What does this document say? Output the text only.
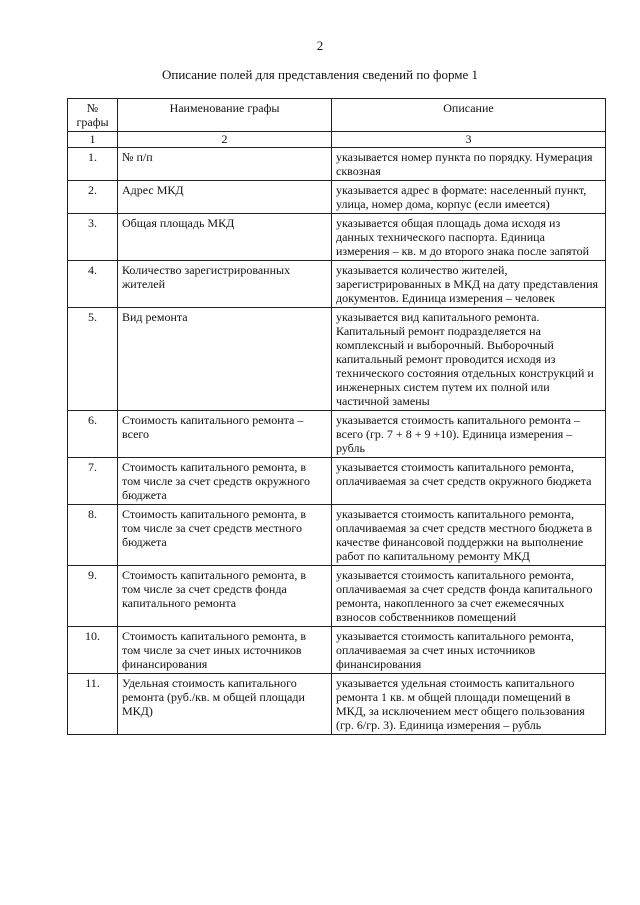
2
Описание полей для представления сведений по форме 1
№ графы	Наименование графы	Описание
1	2	3
1.	№ п/п	указывается номер пункта по порядку. Нумерация сквозная
2.	Адрес МКД	указывается адрес в формате: населенный пункт, улица, номер дома, корпус (если имеется)
3.	Общая площадь МКД	указывается общая площадь дома исходя из данных технического паспорта. Единица измерения – кв. м до второго знака после запятой
4.	Количество зарегистрированных жителей	указывается количество жителей, зарегистрированных в МКД на дату представления документов. Единица измерения – человек
5.	Вид ремонта	указывается вид капитального ремонта. Капитальный ремонт подразделяется на комплексный и выборочный. Выборочный капитальный ремонт проводится исходя из технического состояния отдельных конструкций и инженерных систем путем их полной или частичной замены
6.	Стоимость капитального ремонта – всего	указывается стоимость капитального ремонта – всего (гр. 7 + 8 + 9 +10). Единица измерения – рубль
7.	Стоимость капитального ремонта, в том числе за счет средств окружного бюджета	указывается стоимость капитального ремонта, оплачиваемая за счет средств окружного бюджета
8.	Стоимость капитального ремонта, в том числе за счет средств местного бюджета	указывается стоимость капитального ремонта, оплачиваемая за счет средств местного бюджета в качестве финансовой поддержки на выполнение работ по капитальному ремонту МКД
9.	Стоимость капитального ремонта, в том числе за счет средств фонда капитального ремонта	указывается стоимость капитального ремонта, оплачиваемая за счет средств фонда капитального ремонта, накопленного за счет ежемесячных взносов собственников помещений
10.	Стоимость капитального ремонта, в том числе за счет иных источников финансирования	указывается стоимость капитального ремонта, оплачиваемая за счет иных источников финансирования
11.	Удельная стоимость капитального ремонта (руб./кв. м общей площади МКД)	указывается удельная стоимость капитального ремонта 1 кв. м общей площади помещений в МКД, за исключением мест общего пользования (гр. 6/гр. 3). Единица измерения – рубль
